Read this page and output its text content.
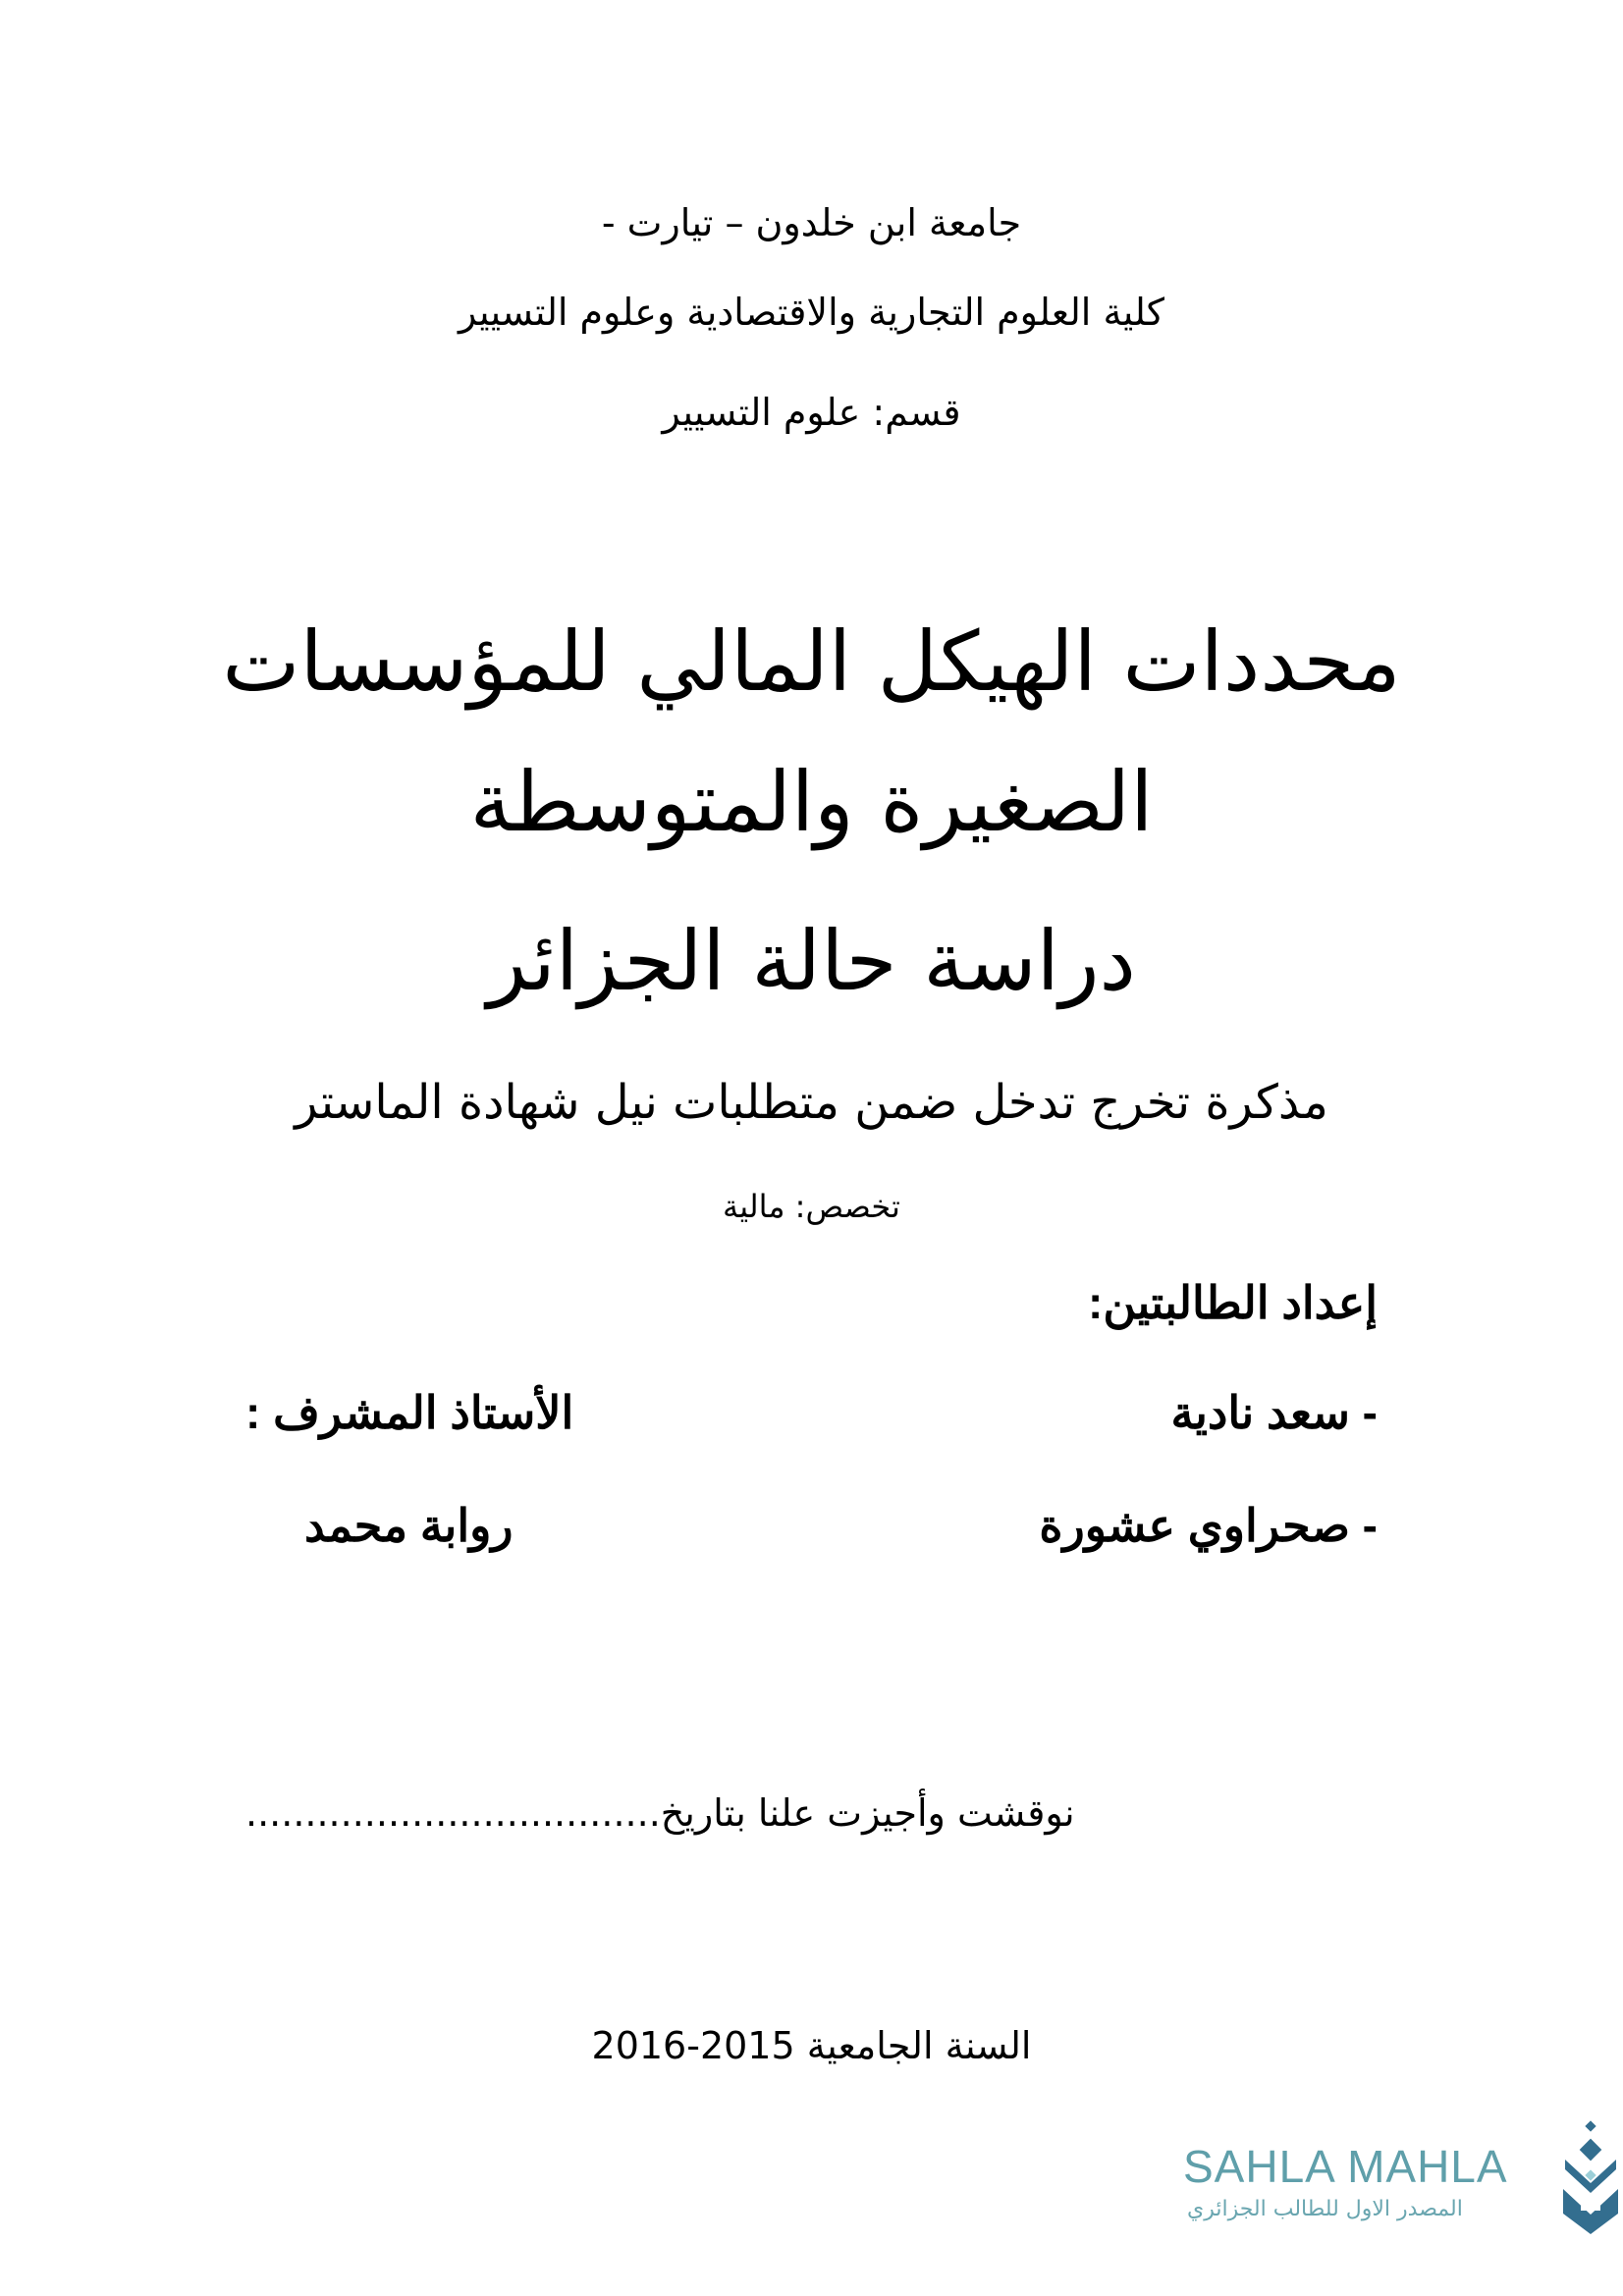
جامعة ابن خلدون – تيارت -
كلية العلوم التجارية والاقتصادية وعلوم التسيير
قسم: علوم التسيير
محددات الهيكل المالي للمؤسسات
الصغيرة والمتوسطة
دراسة حالة الجزائر
مذكرة تخرج تدخل ضمن متطلبات نيل شهادة الماستر
تخصص: مالية
إعداد الطالبتين:
- سعد نادية
- صحراوي عشورة
الأستاذ المشرف :
روابة محمد
نوقشت وأجيزت علنا بتاريخ...................................
السنة الجامعية 2015-2016
SAHLA MAHLA
المصدر الاول للطالب الجزائري
